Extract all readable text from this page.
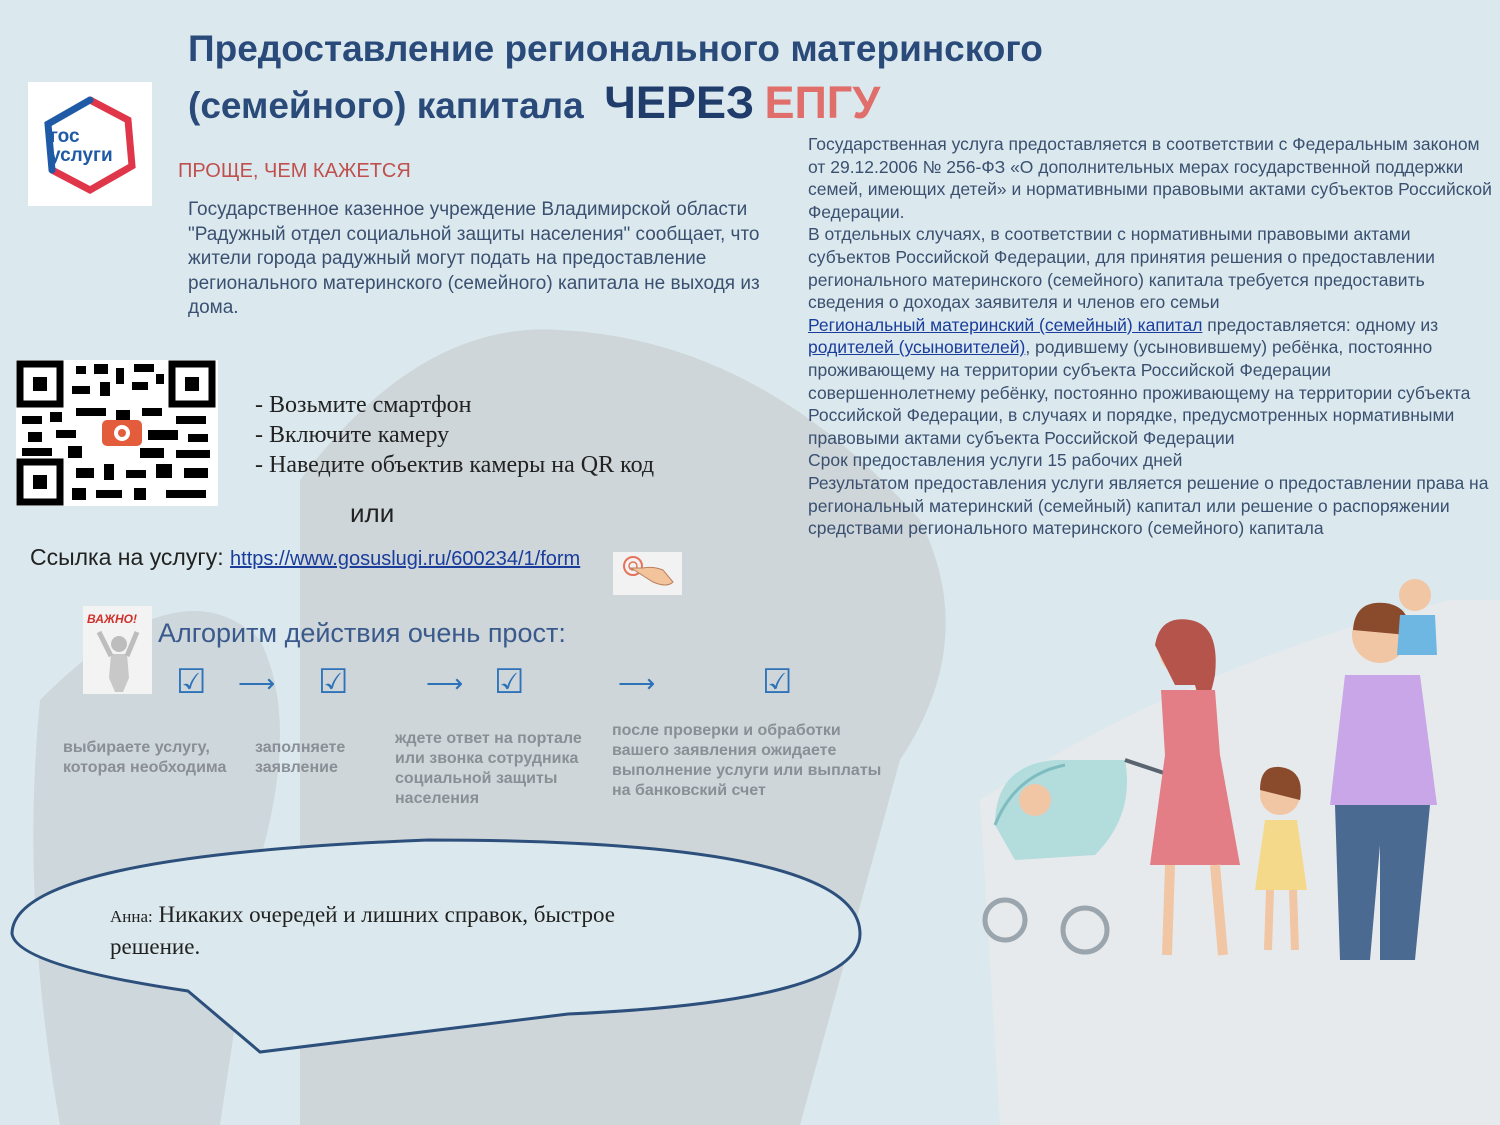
Предоставление регионального материнского
(семейного) капитала ЧЕРЕЗ ЕПГУ
гос
услуги
ПРОЩЕ, ЧЕМ КАЖЕТСЯ
Государственное казенное учреждение Владимирской области "Радужный отдел социальной защиты населения" сообщает, что жители города радужный могут подать на предоставление регионального материнского (семейного) капитала не выходя из дома.
- Возьмите смартфон
- Включите камеру
- Наведите объектив камеры на QR код
или
Ссылка на услугу: https://www.gosuslugi.ru/600234/1/form

Государственная услуга предоставляется в соответствии с Федеральным законом от 29.12.2006 № 256-ФЗ «О дополнительных мерах государственной поддержки семей, имеющих детей» и нормативными правовыми актами субъектов Российской Федерации.

В отдельных случаях, в соответствии с нормативными правовыми актами субъектов Российской Федерации, для принятия решения о предоставлении регионального материнского (семейного) капитала требуется предоставить сведения о доходах заявителя и членов его семьи

Региональный материнский (семейный) капитал предоставляется: одному из родителей (усыновителей), родившему (усыновившему) ребёнка, постоянно проживающему на территории субъекта Российской Федерации совершеннолетнему ребёнку, постоянно проживающему на территории субъекта Российской Федерации, в случаях и порядке, предусмотренных нормативными правовыми актами субъекта Российской Федерации

Срок предоставления услуги 15 рабочих дней

Результатом предоставления услуги является решение о предоставлении права на региональный материнский (семейный) капитал или решение о распоряжении средствами регионального материнского (семейного) капитала

ВАЖНО! Алгоритм действия очень прост:
☑ ⟶ ☑	⟶ ☑	⟶	☑
выбираете услугу, которая необходима
заполняете заявление
ждете ответ на портале или звонка сотрудника социальной защиты населения
после проверки и обработки вашего заявления ожидаете выполнение услуги или выплаты на банковский счет
Анна: Никаких очередей и лишних справок, быстрое решение.
